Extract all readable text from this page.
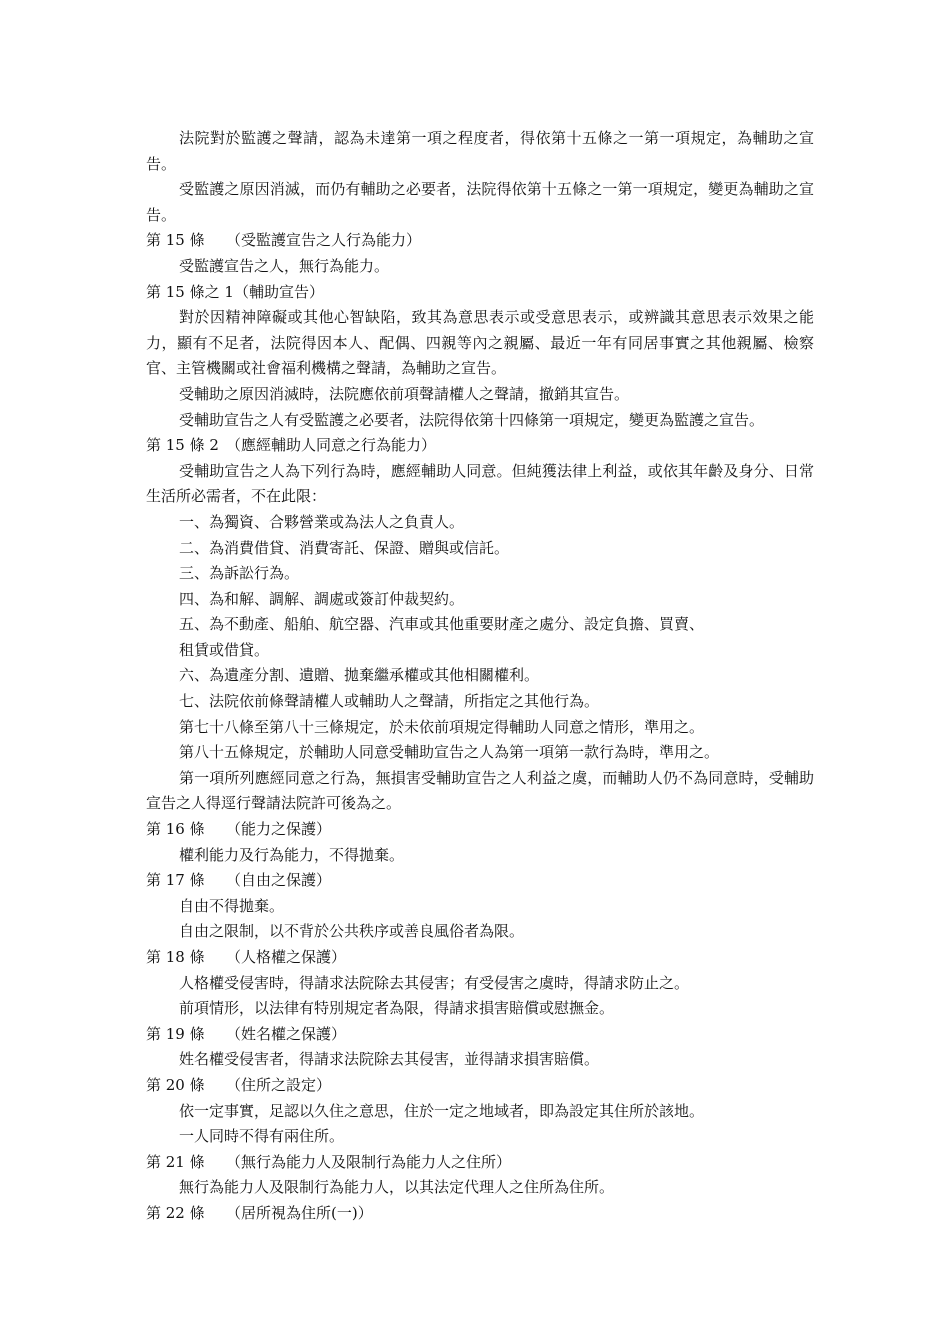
法院對於監護之聲請，認為未達第一項之程度者，得依第十五條之一第一項規定，為輔助之宣告。
受監護之原因消滅，而仍有輔助之必要者，法院得依第十五條之一第一項規定，變更為輔助之宣告。
第 15 條 （受監護宣告之人行為能力）
受監護宣告之人，無行為能力。
第 15 條之 1（輔助宣告）
對於因精神障礙或其他心智缺陷，致其為意思表示或受意思表示，或辨識其意思表示效果之能力，顯有不足者，法院得因本人、配偶、四親等內之親屬、最近一年有同居事實之其他親屬、檢察官、主管機關或社會福利機構之聲請，為輔助之宣告。
受輔助之原因消滅時，法院應依前項聲請權人之聲請，撤銷其宣告。
受輔助宣告之人有受監護之必要者，法院得依第十四條第一項規定，變更為監護之宣告。
第 15 條 2 （應經輔助人同意之行為能力）
受輔助宣告之人為下列行為時，應經輔助人同意。但純獲法律上利益，或依其年齡及身分、日常生活所必需者，不在此限：
一、為獨資、合夥營業或為法人之負責人。
二、為消費借貸、消費寄託、保證、贈與或信託。
三、為訴訟行為。
四、為和解、調解、調處或簽訂仲裁契約。
五、為不動產、船舶、航空器、汽車或其他重要財產之處分、設定負擔、買賣、
租賃或借貸。
六、為遺產分割、遺贈、拋棄繼承權或其他相關權利。
七、法院依前條聲請權人或輔助人之聲請，所指定之其他行為。
第七十八條至第八十三條規定，於未依前項規定得輔助人同意之情形，準用之。
第八十五條規定，於輔助人同意受輔助宣告之人為第一項第一款行為時，準用之。
第一項所列應經同意之行為，無損害受輔助宣告之人利益之虞，而輔助人仍不為同意時，受輔助宣告之人得逕行聲請法院許可後為之。
第 16 條 （能力之保護）
權利能力及行為能力，不得拋棄。
第 17 條 （自由之保護）
自由不得拋棄。
自由之限制，以不背於公共秩序或善良風俗者為限。
第 18 條 （人格權之保護）
人格權受侵害時，得請求法院除去其侵害；有受侵害之虞時，得請求防止之。
前項情形，以法律有特別規定者為限，得請求損害賠償或慰撫金。
第 19 條 （姓名權之保護）
姓名權受侵害者，得請求法院除去其侵害，並得請求損害賠償。
第 20 條 （住所之設定）
依一定事實，足認以久住之意思，住於一定之地域者，即為設定其住所於該地。
一人同時不得有兩住所。
第 21 條 （無行為能力人及限制行為能力人之住所）
無行為能力人及限制行為能力人，以其法定代理人之住所為住所。
第 22 條 （居所視為住所(一)）
